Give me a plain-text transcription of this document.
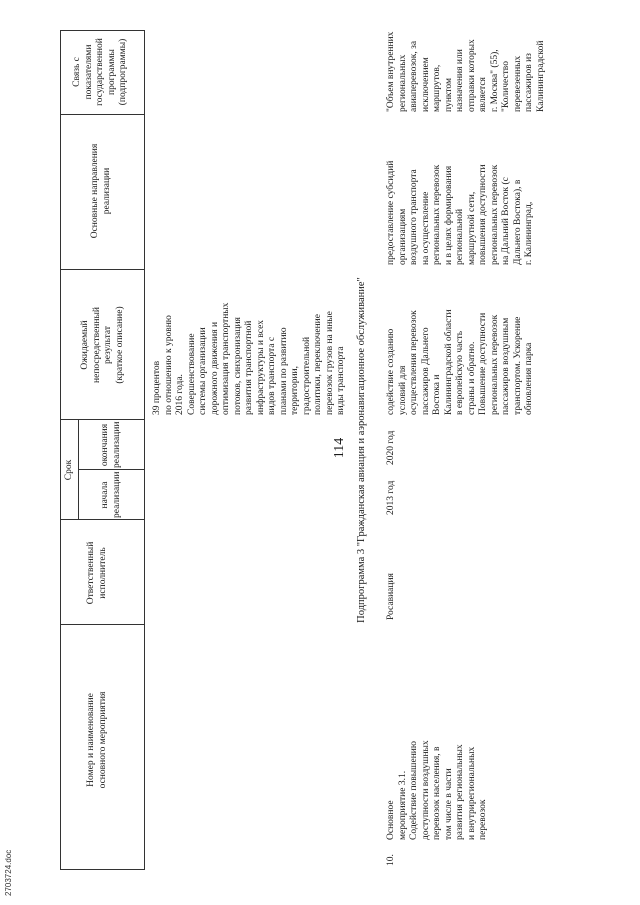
114
Номер и наименование
основного мероприятия
Ответственный
исполнитель
Срок
начала
реализации
окончания
реализации
Ожидаемый
непосредственный
результат
(краткое описание)
Основные направления
реализации
Связь с показателями
государственной
программы
(подпрограммы)
39 процентов
по отношению к уровню
2016 года.
Совершенствование
системы организации
дорожного движения и
оптимизация транспортных
потоков, синхронизация
развития транспортной
инфраструктуры и всех
видов транспорта с
планами по развитию
территории,
градостроительной
политики, переключение
перевозок грузов на иные
виды транспорта Подпрограмма 3 "Гражданская авиация и аэронавигационное обслуживание"
10.
Основное
мероприятие 3.1.
Содействие повышению
доступности воздушных
перевозок населения, в
том числе в части
развития региональных
и внутрирегиональных
перевозок
Росавиация
2013 год
2020 год
содействие созданию
условий для
осуществления перевозок
пассажиров Дальнего
Востока и
Калининградской области
в европейскую часть
страны и обратно.
Повышение доступности
региональных перевозок
пассажиров воздушным
транспортом. Ускорение
обновления парка
предоставление субсидий
организациям
воздушного транспорта
на осуществление
региональных перевозок
и в целях формирования
региональной
маршрутной сети,
повышения доступности
региональных перевозок
на Дальний Восток (с
Дальнего Востока), в
г. Калининград,
"Объем внутренних
региональных
авиаперевозок, за
исключением
маршрутов, пунктом
назначения или
отправки которых
является
г. Москва" (55),
"Количество
перевезенных
пассажиров из
Калининградской
2703724.doc
